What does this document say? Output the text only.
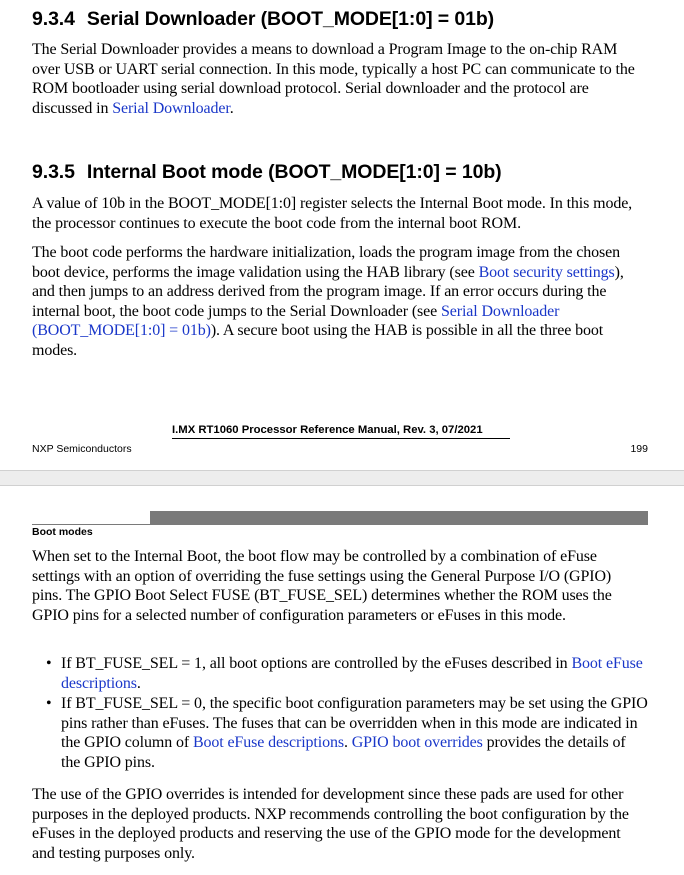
9.3.4 Serial Downloader (BOOT_MODE[1:0] = 01b)

The Serial Downloader provides a means to download a Program Image to the on-chip RAM over USB or UART serial connection. In this mode, typically a host PC can communicate to the ROM bootloader using serial download protocol. Serial downloader and the protocol are discussed in Serial Downloader.

9.3.5 Internal Boot mode (BOOT_MODE[1:0] = 10b)

A value of 10b in the BOOT_MODE[1:0] register selects the Internal Boot mode. In this mode, the processor continues to execute the boot code from the internal boot ROM.

The boot code performs the hardware initialization, loads the program image from the chosen boot device, performs the image validation using the HAB library (see Boot security settings), and then jumps to an address derived from the program image. If an error occurs during the internal boot, the boot code jumps to the Serial Downloader (see Serial Downloader (BOOT_MODE[1:0] = 01b)). A secure boot using the HAB is possible in all the three boot modes.

I.MX RT1060 Processor Reference Manual, Rev. 3, 07/2021
NXP Semiconductors	199
Boot modes

When set to the Internal Boot, the boot flow may be controlled by a combination of eFuse settings with an option of overriding the fuse settings using the General Purpose I/O (GPIO) pins. The GPIO Boot Select FUSE (BT_FUSE_SEL) determines whether the ROM uses the GPIO pins for a selected number of configuration parameters or eFuses in this mode.

• If BT_FUSE_SEL = 1, all boot options are controlled by the eFuses described in Boot eFuse descriptions.
• If BT_FUSE_SEL = 0, the specific boot configuration parameters may be set using the GPIO pins rather than eFuses. The fuses that can be overridden when in this mode are indicated in the GPIO column of Boot eFuse descriptions. GPIO boot overrides provides the details of the GPIO pins.

The use of the GPIO overrides is intended for development since these pads are used for other purposes in the deployed products. NXP recommends controlling the boot configuration by the eFuses in the deployed products and reserving the use of the GPIO mode for the development and testing purposes only.
